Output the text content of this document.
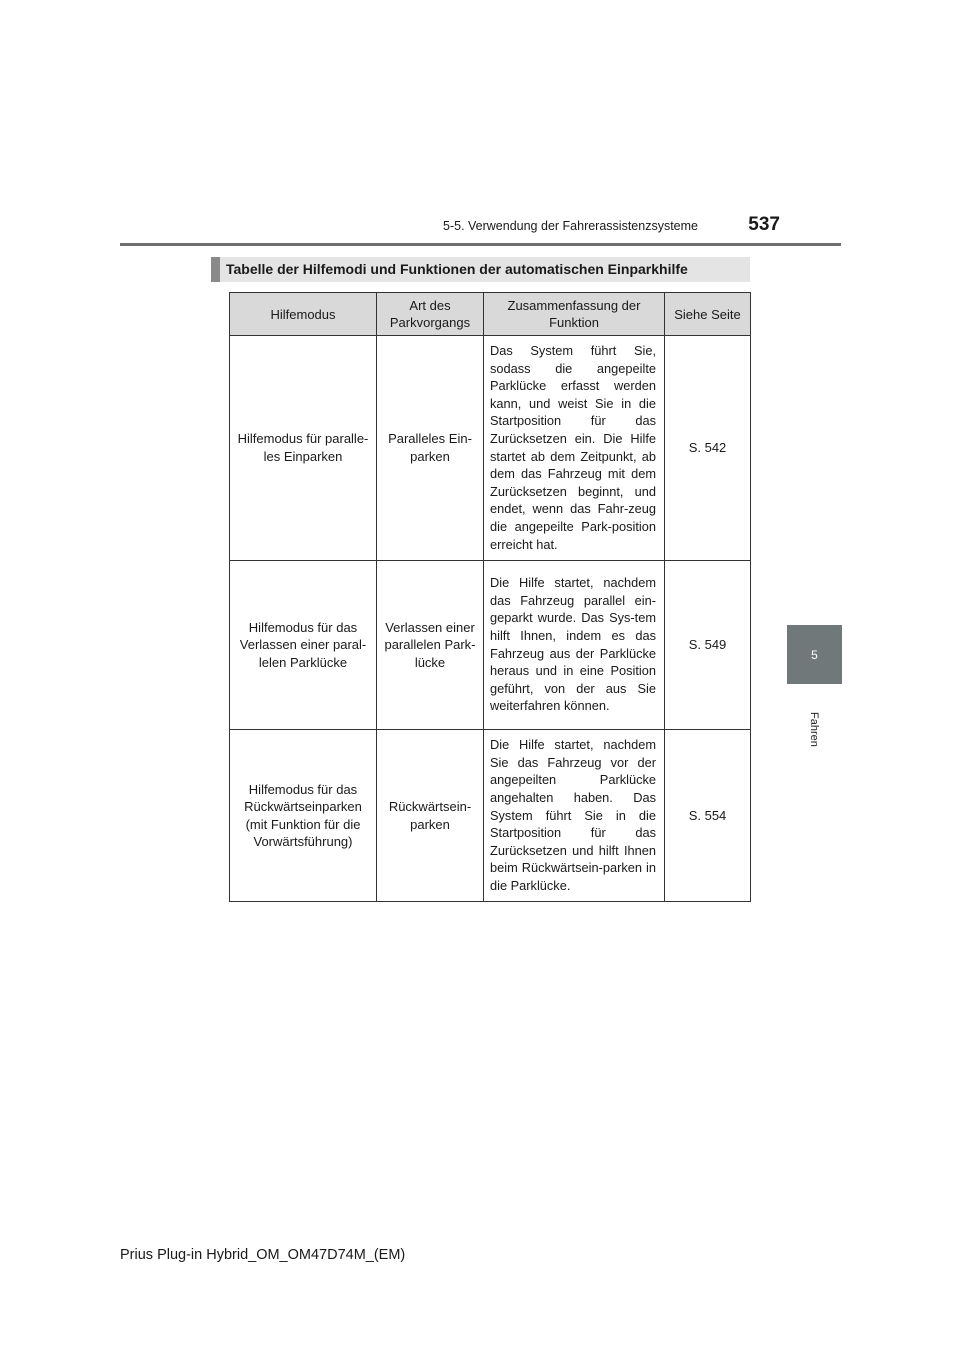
5-5. Verwendung der Fahrerassistenzsysteme	537
5
Fahren
Tabelle der Hilfemodi und Funktionen der automatischen Einparkhilfe
Hilfemodus	Art des Parkvorgangs	Zusammenfassung der Funktion	Siehe Seite
Hilfemodus für paralle-les Einparken	Paralleles Ein-parken	Das System führt Sie, sodass die angepeilte Parklücke erfasst werden kann, und weist Sie in die Startposition für das Zurücksetzen ein. Die Hilfe startet ab dem Zeitpunkt, ab dem das Fahrzeug mit dem Zurücksetzen beginnt, und endet, wenn das Fahr-zeug die angepeilte Park-position erreicht hat.	S. 542
Hilfemodus für das Verlassen einer paral-lelen Parklücke	Verlassen einer parallelen Park-lücke	Die Hilfe startet, nachdem das Fahrzeug parallel ein-geparkt wurde. Das Sys-tem hilft Ihnen, indem es das Fahrzeug aus der Parklücke heraus und in eine Position geführt, von der aus Sie weiterfahren können.	S. 549
Hilfemodus für das Rückwärtseinparken (mit Funktion für die Vorwärtsführung)	Rückwärtsein-parken	Die Hilfe startet, nachdem Sie das Fahrzeug vor der angepeilten Parklücke angehalten haben. Das System führt Sie in die Startposition für das Zurücksetzen und hilft Ihnen beim Rückwärtsein-parken in die Parklücke.	S. 554
Prius Plug-in Hybrid_OM_OM47D74M_(EM)
